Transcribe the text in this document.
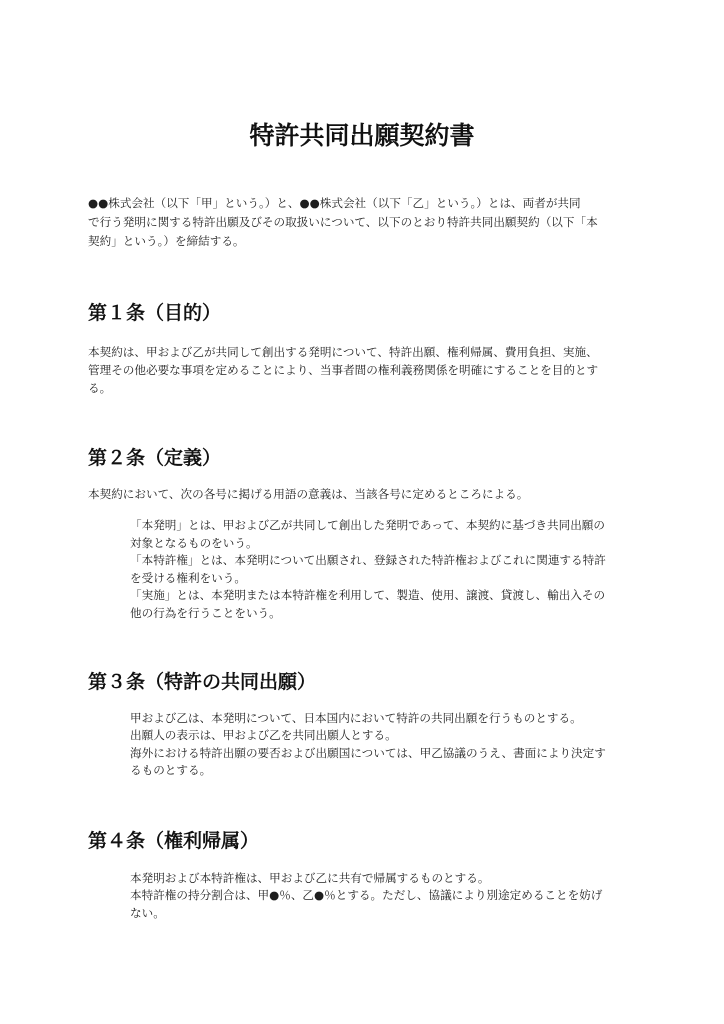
特許共同出願契約書
●●株式会社（以下「甲」という。）と、●●株式会社（以下「乙」という。）とは、両者が共同
で行う発明に関する特許出願及びその取扱いについて、以下のとおり特許共同出願契約（以下「本
契約」という。）を締結する。
第１条（目的）
本契約は、甲および乙が共同して創出する発明について、特許出願、権利帰属、費用負担、実施、
管理その他必要な事項を定めることにより、当事者間の権利義務関係を明確にすることを目的とす
る。
第２条（定義）
本契約において、次の各号に掲げる用語の意義は、当該各号に定めるところによる。
「本発明」とは、甲および乙が共同して創出した発明であって、本契約に基づき共同出願の
対象となるものをいう。
「本特許権」とは、本発明について出願され、登録された特許権およびこれに関連する特許
を受ける権利をいう。
「実施」とは、本発明または本特許権を利用して、製造、使用、譲渡、貸渡し、輸出入その
他の行為を行うことをいう。
第３条（特許の共同出願）
甲および乙は、本発明について、日本国内において特許の共同出願を行うものとする。
出願人の表示は、甲および乙を共同出願人とする。
海外における特許出願の要否および出願国については、甲乙協議のうえ、書面により決定す
るものとする。
第４条（権利帰属）
本発明および本特許権は、甲および乙に共有で帰属するものとする。
本特許権の持分割合は、甲●％、乙●％とする。ただし、協議により別途定めることを妨げ
ない。
